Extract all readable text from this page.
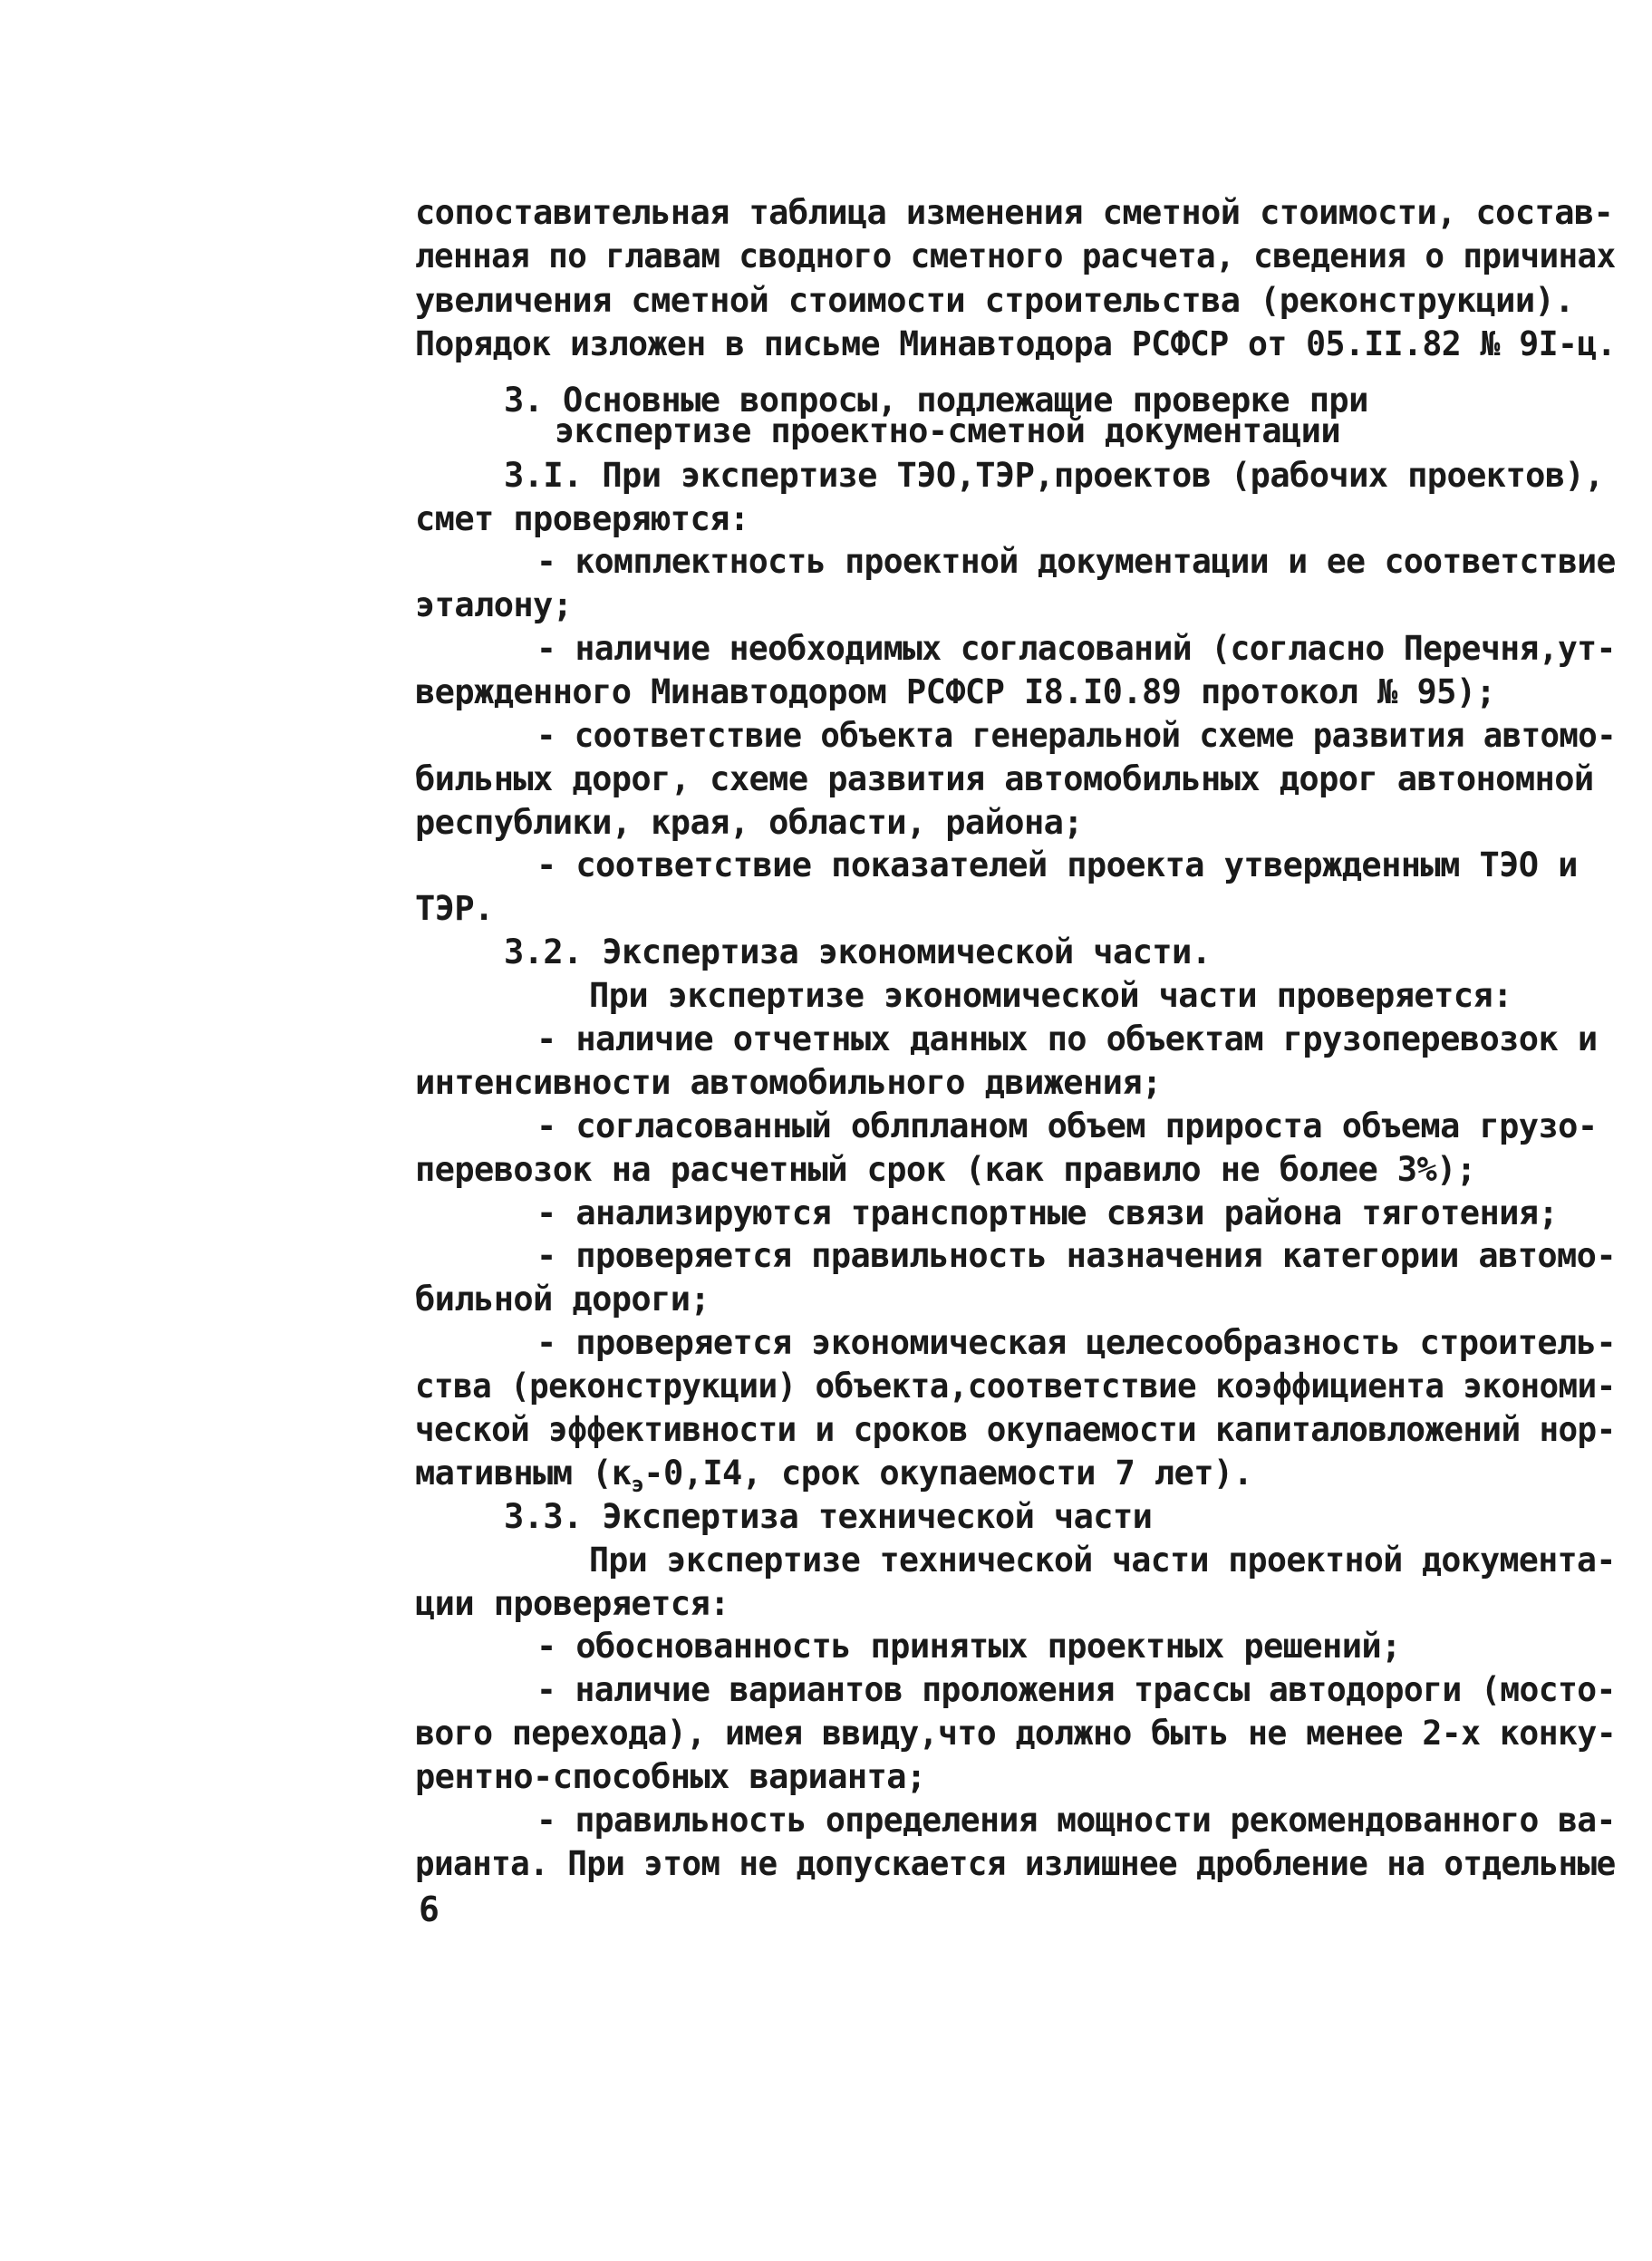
сопоставительная таблица изменения сметной стоимости, состав-
ленная по главам сводного сметного расчета, сведения о причинах
увеличения сметной стоимости строительства (реконструкции).
Порядок изложен в письме Минавтодора РСФСР от 05.II.82 № 9I-ц.
3. Основные вопросы, подлежащие проверке при
экспертизе проектно-сметной документации
3.I. При экспертизе ТЭО,ТЭР,проектов (рабочих проектов),
смет проверяются:
- комплектность проектной документации и ее соответствие
эталону;
- наличие необходимых согласований (согласно Перечня,ут-
вержденного Минавтодором РСФСР I8.I0.89 протокол № 95);
- соответствие объекта генеральной схеме развития автомо-
бильных дорог, схеме развития автомобильных дорог автономной
республики, края, области, района;
- соответствие показателей проекта утвержденным ТЭО и
ТЭР.
3.2. Экспертиза экономической части.
При экспертизе экономической части проверяется:
- наличие отчетных данных по объектам грузоперевозок и
интенсивности автомобильного движения;
- согласованный облпланом объем прироста объема грузо-
перевозок на расчетный срок (как правило не более 3%);
- анализируются транспортные связи района тяготения;
- проверяется правильность назначения категории автомо-
бильной дороги;
- проверяется экономическая целесообразность строитель-
ства (реконструкции) объекта,соответствие коэффициента экономи-
ческой эффективности и сроков окупаемости капиталовложений нор-
мативным ($к_э-0,I4$, срок окупаемости 7 лет).
3.3. Экспертиза технической части
При экспертизе технической части проектной документа-
ции проверяется:
- обоснованность принятых проектных решений;
- наличие вариантов проложения трассы автодороги (мосто-
вого перехода), имея ввиду,что должно быть не менее 2-х конку-
рентно-способных варианта;
- правильность определения мощности рекомендованного ва-
рианта. При этом не допускается излишнее дробление на отдельные
6
